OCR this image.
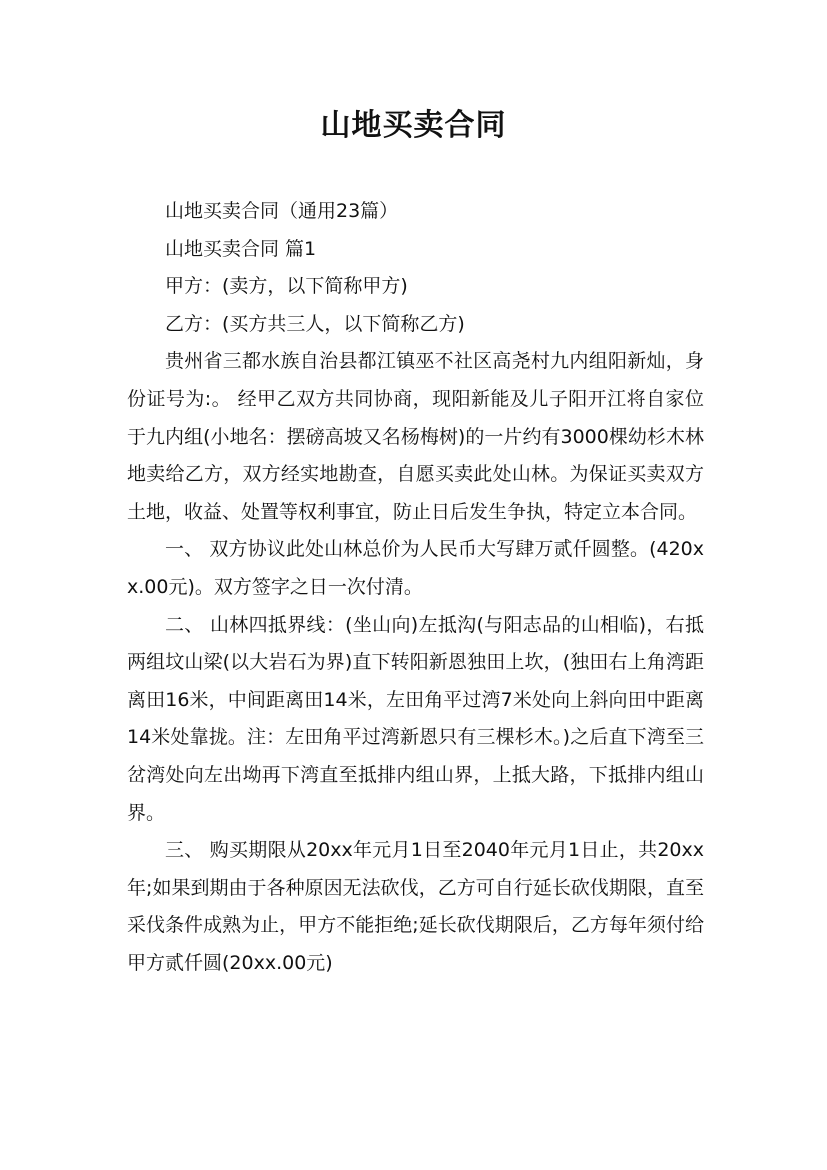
山地买卖合同

山地买卖合同（通用23篇）

山地买卖合同 篇1

甲方：(卖方，以下简称甲方)

乙方：(买方共三人，以下简称乙方)

贵州省三都水族自治县都江镇巫不社区高尧村九内组阳新灿，身份证号为:。 经甲乙双方共同协商，现阳新能及儿子阳开江将自家位于九内组(小地名：摆磅高坡又名杨梅树)的一片约有3000棵幼杉木林地卖给乙方，双方经实地勘查，自愿买卖此处山林。为保证买卖双方土地，收益、处置等权利事宜，防止日后发生争执，特定立本合同。

一、 双方协议此处山林总价为人民币大写肆万贰仟圆整。(420xx.00元)。双方签字之日一次付清。

二、 山林四抵界线：(坐山向)左抵沟(与阳志品的山相临)，右抵两组坟山梁(以大岩石为界)直下转阳新恩独田上坎，(独田右上角湾距离田16米，中间距离田14米，左田角平过湾7米处向上斜向田中距离14米处靠拢。注：左田角平过湾新恩只有三棵杉木。)之后直下湾至三岔湾处向左出坳再下湾直至抵排内组山界，上抵大路，下抵排内组山界。

三、 购买期限从20xx年元月1日至2040年元月1日止，共20xx年;如果到期由于各种原因无法砍伐，乙方可自行延长砍伐期限，直至采伐条件成熟为止，甲方不能拒绝;延长砍伐期限后，乙方每年须付给甲方贰仟圆(20xx.00元)
